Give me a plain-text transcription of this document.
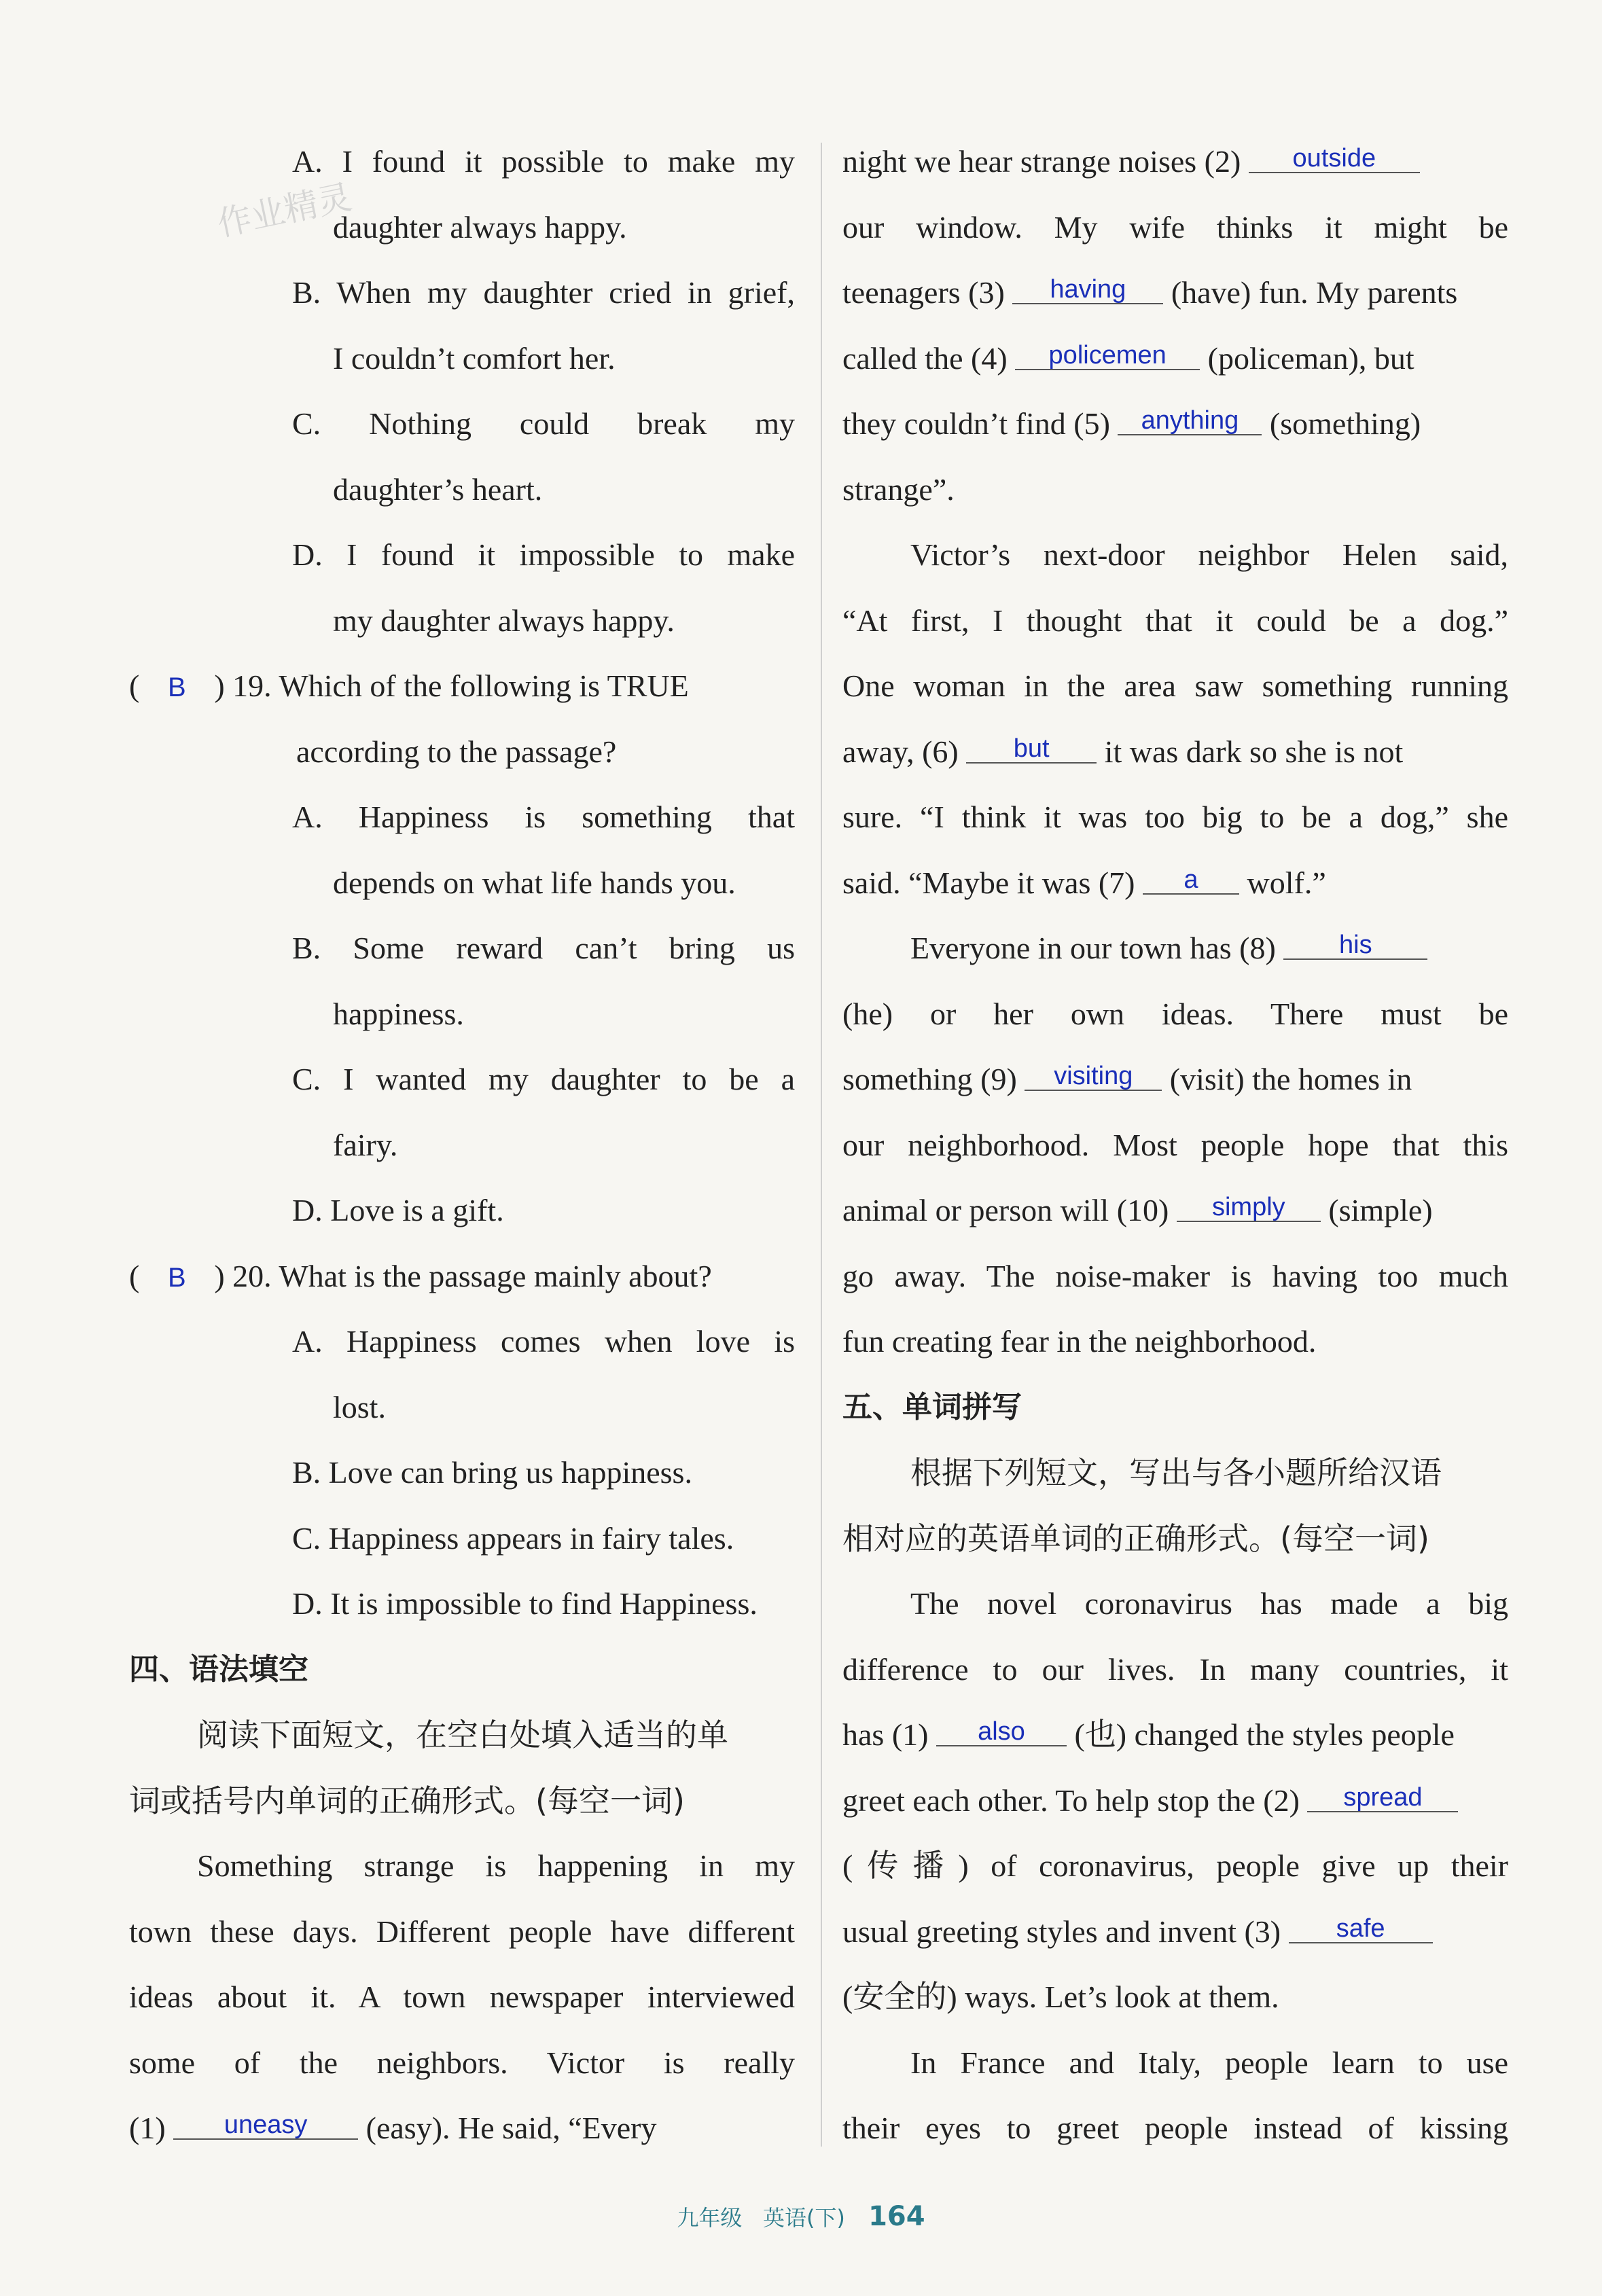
作业精灵
A. I found it possible to make my
daughter always happy.
B. When my daughter cried in grief,
I couldn’t comfort her.
C. Nothing could break my
daughter’s heart.
D. I found it impossible to make
my daughter always happy.
( B ) 19. Which of the following is TRUE
according to the passage?
A. Happiness is something that
depends on what life hands you.
B. Some reward can’t bring us
happiness.
C. I wanted my daughter to be a
fairy.
D. Love is a gift.
( B ) 20. What is the passage mainly about?
A. Happiness comes when love is
lost.
B. Love can bring us happiness.
C. Happiness appears in fairy tales.
D. It is impossible to find Happiness.
四、语法填空
阅读下面短文，在空白处填入适当的单
词或括号内单词的正确形式。(每空一词)
Something strange is happening in my
town these days. Different people have different
ideas about it. A town newspaper interviewed
some of the neighbors. Victor is really
(1) uneasy (easy). He said, “Every
night we hear strange noises (2) outside
our window. My wife thinks it might be
teenagers (3) having (have) fun. My parents
called the (4) policemen (policeman), but
they couldn’t find (5) anything (something)
strange”.
Victor’s next-door neighbor Helen said,
“At first, I thought that it could be a dog.”
One woman in the area saw something running
away, (6) but it was dark so she is not
sure. “I think it was too big to be a dog,” she
said. “Maybe it was (7) a wolf.”
Everyone in our town has (8) his
(he) or her own ideas. There must be
something (9) visiting (visit) the homes in
our neighborhood. Most people hope that this
animal or person will (10) simply (simple)
go away. The noise-maker is having too much
fun creating fear in the neighborhood.
五、单词拼写
根据下列短文，写出与各小题所给汉语
相对应的英语单词的正确形式。(每空一词)
The novel coronavirus has made a big
difference to our lives. In many countries, it
has (1) also (也) changed the styles people
greet each other. To help stop the (2) spread
(传播) of coronavirus, people give up their
usual greeting styles and invent (3) safe
(安全的) ways. Let’s look at them.
In France and Italy, people learn to use
their eyes to greet people instead of kissing
九年级 英语(下) 164
